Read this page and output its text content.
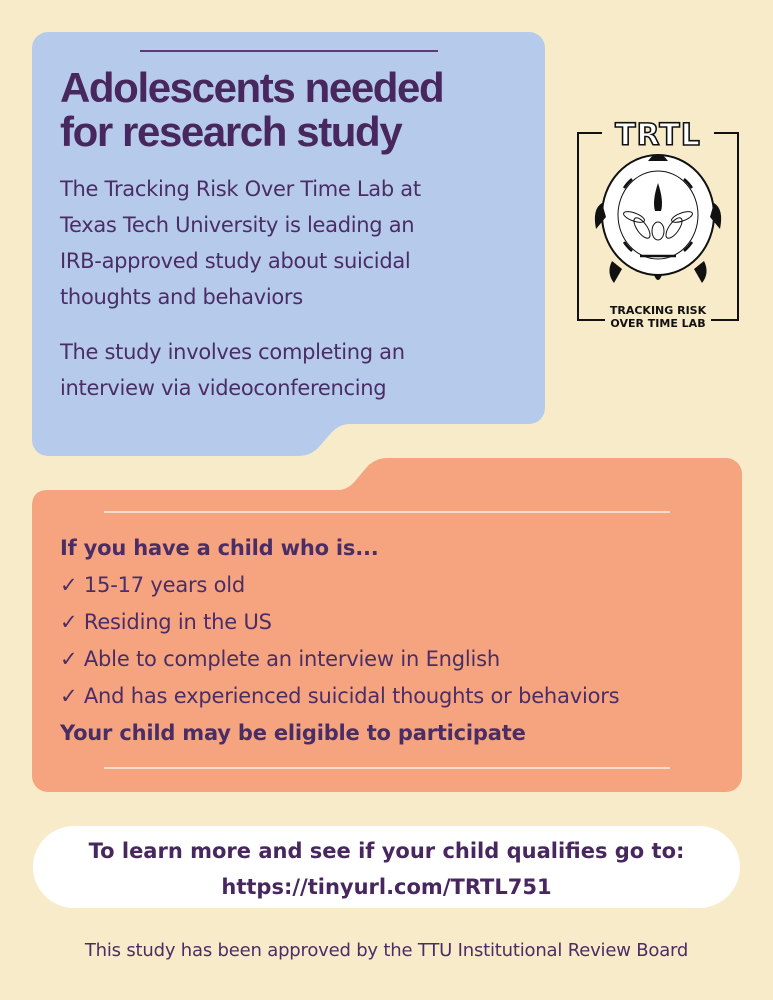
Adolescents needed
for research study
The Tracking Risk Over Time Lab at
Texas Tech University is leading an
IRB-approved study about suicidal
thoughts and behaviors
The study involves completing an
interview via videoconferencing
TRTL
TRACKING RISK
OVER TIME LAB
If you have a child who is...
✓ 15-17 years old
✓ Residing in the US
✓ Able to complete an interview in English
✓ And has experienced suicidal thoughts or behaviors
Your child may be eligible to participate
To learn more and see if your child qualifies go to:
https://tinyurl.com/TRTL751
This study has been approved by the TTU Institutional Review Board
